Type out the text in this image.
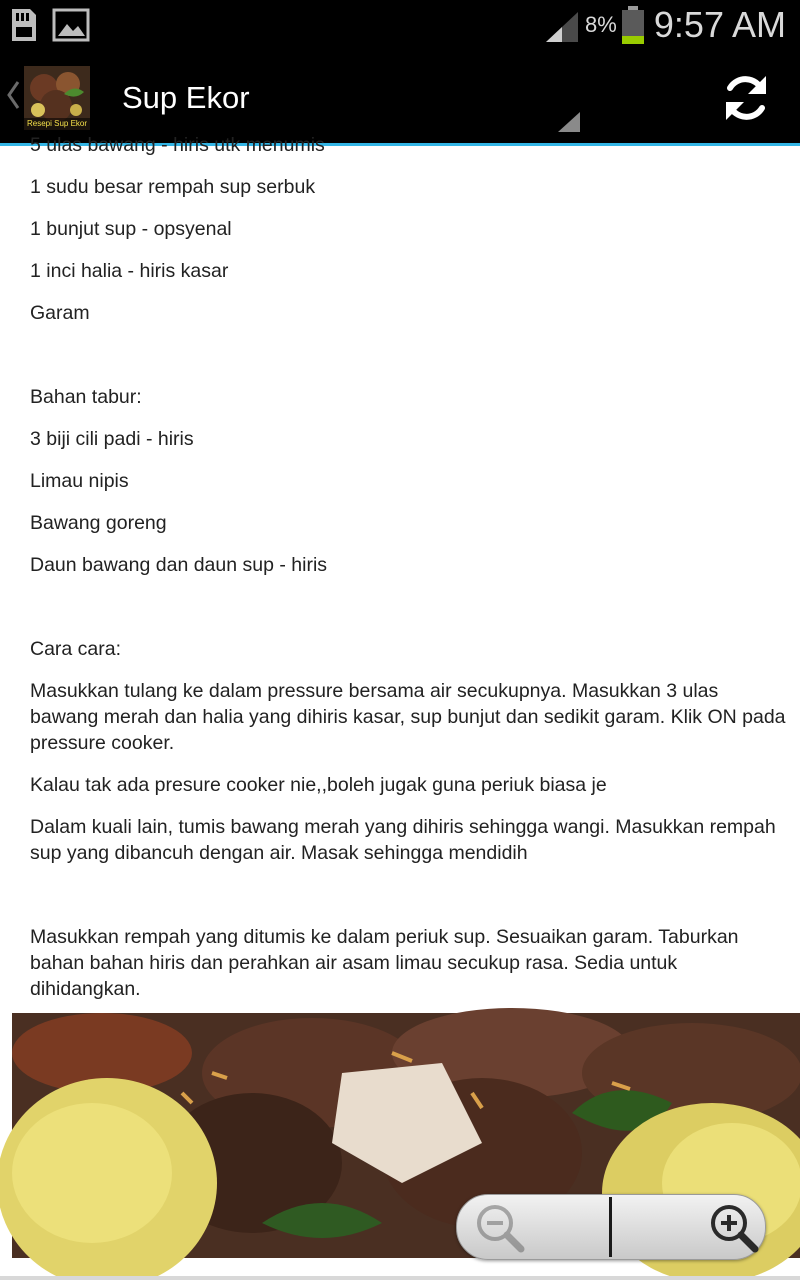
8% 9:57 AM
Resepi Sup Ekor
Sup Ekor

5 ulas bawang - hiris utk menumis

1 sudu besar rempah sup serbuk

1 bunjut sup - opsyenal

1 inci halia - hiris kasar

Garam

Bahan tabur:

3 biji cili padi - hiris

Limau nipis

Bawang goreng

Daun bawang dan daun sup - hiris

Cara cara:

Masukkan tulang ke dalam pressure bersama air secukupnya. Masukkan 3 ulas bawang merah dan halia yang dihiris kasar, sup bunjut dan sedikit garam. Klik ON pada pressure cooker.

Kalau tak ada presure cooker nie,,boleh jugak guna periuk biasa je

Dalam kuali lain, tumis bawang merah yang dihiris sehingga wangi. Masukkan rempah sup yang dibancuh dengan air. Masak sehingga mendidih

Masukkan rempah yang ditumis ke dalam periuk sup. Sesuaikan garam. Taburkan bahan bahan hiris dan perahkan air asam limau secukup rasa. Sedia untuk dihidangkan.
